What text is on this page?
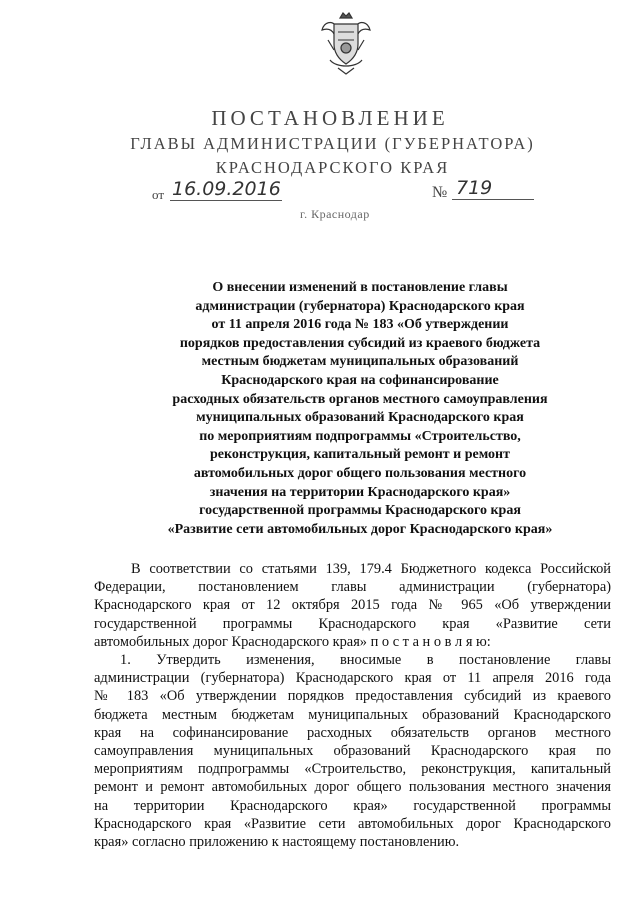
ПОСТАНОВЛЕНИЕ
ГЛАВЫ АДМИНИСТРАЦИИ (ГУБЕРНАТОРА)
КРАСНОДАРСКОГО КРАЯ
от 16.09.2016	№ 719
г. Краснодар
О внесении изменений в постановление главы
администрации (губернатора) Краснодарского края
от 11 апреля 2016 года № 183 «Об утверждении
порядков предоставления субсидий из краевого бюджета
местным бюджетам муниципальных образований
Краснодарского края на софинансирование
расходных обязательств органов местного самоуправления
муниципальных образований Краснодарского края
по мероприятиям подпрограммы «Строительство,
реконструкция, капитальный ремонт и ремонт
автомобильных дорог общего пользования местного
значения на территории Краснодарского края»
государственной программы Краснодарского края
«Развитие сети автомобильных дорог Краснодарского края»
В соответствии со статьями 139, 179.4 Бюджетного кодекса Российской
Федерации, постановлением главы администрации (губернатора)
Краснодарского края от 12 октября 2015 года № 965 «Об утверждении
государственной программы Краснодарского края «Развитие сети
автомобильных дорог Краснодарского края» п о с т а н о в л я ю:
1. Утвердить изменения, вносимые в постановление главы
администрации (губернатора) Краснодарского края от 11 апреля 2016 года
№ 183 «Об утверждении порядков предоставления субсидий из краевого
бюджета местным бюджетам муниципальных образований Краснодарского
края на софинансирование расходных обязательств органов местного
самоуправления муниципальных образований Краснодарского края по
мероприятиям подпрограммы «Строительство, реконструкция, капитальный
ремонт и ремонт автомобильных дорог общего пользования местного значения
на территории Краснодарского края» государственной программы
Краснодарского края «Развитие сети автомобильных дорог Краснодарского
края» согласно приложению к настоящему постановлению.
